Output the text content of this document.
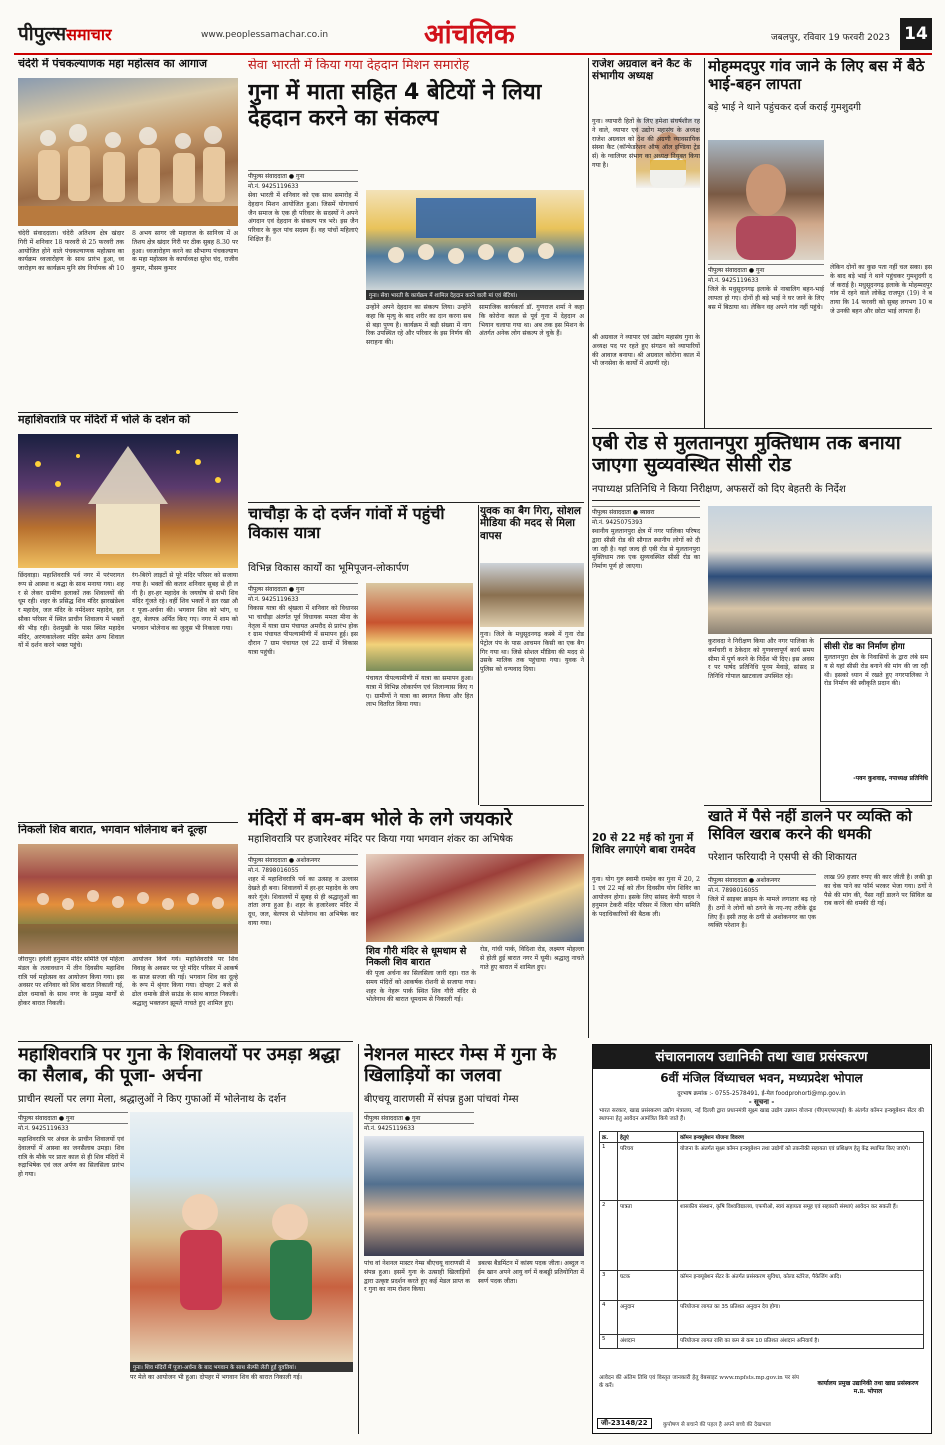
पीपुल्ससमाचार	www.peoplessamachar.co.in	आंचलिक	जबलपुर, रविवार 19 फरवरी 2023 14
चंदेरी में पंचकल्याणक महा महोत्सव का आगाज
चंदेरी संवाददाता। चंदेरी अतिशय क्षेत्र खंदार गिरी में शनिवार 18 फरवरी से 25 फरवरी तक आयोजित होने वाले पंचकल्याणक महोत्सव का कार्यक्रम ध्वजारोहण के साथ प्रारंभ हुआ, ध्वजारोहण का कार्यक्रम मुनि संघ निर्यापक श्री 108 अभय सागर जी महाराज के सानिध्य में अतिशय क्षेत्र खंदार गिरी पर ठीक सुबह 8.30 पर हुआ। ध्वजारोहण करने का सौभाग्य पंचकल्याणक महा महोत्सव के कार्याध्यक्ष सुरेश चंद, राजीव कुमार, मौसम कुमार
महाशिवरात्रि पर मंदिरों में भोले के दर्शन को
छिंदवाड़ा। महाशिवरात्रि पर्व नगर में परंपरागत रूप से आस्था व श्रद्धा के साथ मनाया गया। शहर से लेकर ग्रामीण इलाकों तक शिवालयों की धूम रही। शहर के प्रसिद्ध शिव मंदिर झारखंडेश्वर महादेव, जल मंदिर के नर्मदेश्वर महादेव, हलसौका परिसर में स्थित प्राचीन शिवालय में भक्तों की भीड़ रही। देशमुखी के पास स्थित महादेव मंदिर, अरणकालेश्वर मंदिर समेत अन्य शिवालयों में दर्शन करने भक्त पहुंचे।
रंग-बिरंगे लाइटों से पूरे मंदिर परिसर को सजाया गया है। भक्तों की कतार शनिवार सुबह से ही लगी है। हर-हर महादेव के जयघोष से सभी शिव मंदिर गूंजते रहे। वहीं शिव भक्तों ने व्रत रखा और पूजा-अर्चना की। भगवान शिव को भांग, धतूरा, बेलपत्र अर्पित किए गए। नगर में शाम को भगवान भोलेनाथ का जुलूस भी निकाला गया।
निकली शिव बारात, भगवान भोलेनाथ बने दूल्हा
जीरापुर। हवेली हनुमान मंदिर समिति एवं महिला मंडल के तत्वावधान में तीन दिवसीय महाशिवरात्रि पर्व महोत्सव का आयोजन किया गया। इस अवसर पर शनिवार को शिव बारात निकाली गई, ढोल धमाकों के साथ नगर के प्रमुख मार्गों से होकर बारात निकली।
आयोजन किये गये। महाशिवरात्रि पर शिव विवाह के अवसर पर पूरे मंदिर परिसर में आकर्षक साज सज्जा की गई। भगवान शिव का दूल्हे के रूप में श्रृंगार किया गया। दोपहर 2 बजे से ढोल धमाके डीजे साउंड के साथ बारात निकली। श्रद्धालु भक्तजन झूमते नाचते हुए शामिल हुए।
सेवा भारती में किया गया देहदान मिशन समारोह
गुना में माता सहित 4 बेटियों ने लिया देहदान करने का संकल्प
पीपुल्स संवाददाता ● गुना
मो.नं. 9425119633
सेवा भारती में शनिवार को एक साथ समारोह में देहदान मिशन आयोजित हुआ। जिसमें योगाचार्य जैन समाज के एक ही परिवार के सदस्यों ने अपने अंगदान एवं देहदान के संकल्प पत्र भरे। इस जैन परिवार के कुल पांच सदस्य हैं। वह पांचों महिलाएं शिक्षित हैं।
गुना। सेवा भारती के कार्यक्रम में शामिल देहदान करने वाली मां एवं बेटियां।
उन्होंने अपने देहदान का संकल्प लिया। उन्होंने कहा कि मृत्यु के बाद शरीर का दान करना सबसे बड़ा पुण्य है। कार्यक्रम में बड़ी संख्या में नागरिक उपस्थित रहे और परिवार के इस निर्णय की सराहना की।
सामाजिक कार्यकर्ता डॉ. गुणराज शर्मा ने कहा कि कोरोना काल से पूर्व गुना में देहदान अभियान चलाया गया था। अब तक इस मिशन के अंतर्गत अनेक लोग संकल्प ले चुके हैं।
चाचौड़ा के दो दर्जन गांवों में पहुंची विकास यात्रा
विभिन्न विकास कार्यों का भूमिपूजन-लोकार्पण
पीपुल्स संवाददाता ● गुना
मो.नं. 9425119633
विकास यात्रा की श्रृंखला में शनिवार को विधानसभा चाचौड़ा अंतर्गत पूर्व विधायक ममता मीना के नेतृत्व में यात्रा ग्राम पंचायत अमरौद से प्रारंभ होकर ग्राम पंचायत पीपल्यामीणी में समापन हुई। इस दौरान 7 ग्राम पंचायत एवं 22 ग्रामों में विकास यात्रा पहुंची।
पंचायत पीपल्यामीणी में यात्रा का समापन हुआ। यात्रा में विभिन्न लोकार्पण एवं शिलान्यास किए गए। ग्रामीणों ने यात्रा का स्वागत किया और हितलाभ वितरित किया गया।
मंदिरों में बम-बम भोले के लगे जयकारे
महाशिवरात्रि पर हजारेश्वर मंदिर पर किया गया भगवान शंकर का अभिषेक
पीपुल्स संवाददाता ● अशोकनगर
मो.नं. 7898016055
शहर में महाशिवरात्रि पर्व का उत्साह व उल्लास देखते ही बना। शिवालयों में हर-हर महादेव के जयकारे गूंजे। शिवालयों में सुबह से ही श्रद्धालुओं का तांता लगा हुआ है। शहर के हजारेश्वर मंदिर में दूध, जल, बेलपत्र से भोलेनाथ का अभिषेक करवाया गया।
शिव गौरी मंदिर से धूमधाम से निकली शिव बारात
की पूजा अर्चना का सिलसिला जारी रहा। रात के समय मंदिरों को आकर्षक रोशनी से सजाया गया। शहर के नेहरू पार्क स्थित शिव गौरी मंदिर से भोलेनाथ की बारात धूमधाम से निकाली गई।
रोड, गांधी पार्क, विदिशा रोड, लक्ष्मण मोहल्ला से होती हुई बारात नगर में घूमी। श्रद्धालु नाचते गाते हुए बारात में शामिल हुए।
महाशिवरात्रि पर गुना के शिवालयों पर उमड़ा श्रद्धा का सैलाब, की पूजा- अर्चना
प्राचीन स्थलों पर लगा मेला, श्रद्धालुओं ने किए गुफाओं में भोलेनाथ के दर्शन
पीपुल्स संवाददाता ● गुना
मो.नं. 9425119633
महाशिवरात्रि पर अंचल के प्राचीन शिवालयों एवं देवालयों में आस्था का जनसैलाब उमड़ा। शिवरात्रि के मौके पर प्रातः काल से ही शिव मंदिरों में रुद्राभिषेक एवं जल अर्पण का सिलसिला प्रारंभ हो गया।
गुना। शिव मंदिरों में पूजा-अर्चना के बाद भगवान के साथ सेल्फी लेती हुई युवतियां।
पर मेले का आयोजन भी हुआ। दोपहर में भगवान शिव की बारात निकाली गई।
नेशनल मास्टर गेम्स में गुना के खिलाड़ियों का जलवा
बीएचयू वाराणसी में संपन्न हुआ पांचवां गेम्स
पीपुल्स संवाददाता ● गुना
मो.नं. 9425119633
पांच वां नेशनल मास्टर गेम्स बीएचयू वाराणसी में संपन्न हुआ। इसमें गुना के उत्साही खिलाड़ियों द्वारा उत्कृष्ट प्रदर्शन करते हुए कई मेडल प्राप्त कर गुना का नाम रोशन किया।
डबल्स बैडमिंटन में कांस्य पदक जीता। अब्दुल नईम खान अपने आयु वर्ग में कबड्डी प्रतियोगिता में स्वर्ण पदक जीता।
राजेश अग्रवाल बने कैट के संभागीय अध्यक्ष
गुना। व्यापारी हितों के लिए हमेशा संघर्षशील रहने वाले, व्यापार एवं उद्योग महासंघ के अध्यक्ष राजेश अग्रवाल को देश की अग्रणी व्यावसायिक संस्था कैट (कॉन्फेडरेशन ऑफ ऑल इण्डिया ट्रेडर्स) के ग्वालियर संभाग का अध्यक्ष नियुक्त किया गया है।
श्री अग्रवाल ने व्यापार एवं उद्योग महासंघ गुना के अध्यक्ष पद पर रहते हुए संगठन को व्यापारियों की आवाज बनाया। श्री अग्रवाल कोरोना काल में भी जनसेवा के कार्यों में अग्रणी रहे।
युवक का बैग गिरा, सोशल मीडिया की मदद से मिला वापस
गुना। जिले के मधुसूदनगढ़ कस्बे में गुना रोड पेट्रोल पंप के पास आचमन किसी का एक बैग गिर गया था। जिसे सोशल मीडिया की मदद से उसके मालिक तक पहुंचाया गया। युवक ने पुलिस को धन्यवाद दिया।
20 से 22 मई को गुना में शिविर लगाएंगे बाबा रामदेव
गुना। योग गुरु स्वामी रामदेव का गुना में 20, 21 एवं 22 मई को तीन दिवसीय योग शिविर का आयोजन होगा। इसके लिए सांसद केपी यादव ने हनुमान टेकरी मंदिर परिसर में जिला योग समिति के पदाधिकारियों की बैठक ली।
मोहम्मदपुर गांव जाने के लिए बस में बैठे भाई-बहन लापता
बड़े भाई ने थाने पहुंचकर दर्ज कराई गुमशुदगी
पीपुल्स संवाददाता ● गुना
मो.नं. 9425119633
जिले के मधुसूदनगढ़ इलाके से नाबालिग बहन-भाई लापता हो गए। दोनों ही बड़े भाई ने घर जाने के लिए बस में बिठाया था। लेकिन वह अपने गांव नहीं पहुंचे।
लेकिन दोनों का कुछ पता नहीं चल सका। इसके बाद बड़े भाई ने थाने पहुंचकर गुमशुदगी दर्ज कराई है। मधुसूदनगढ़ इलाके के मोहम्मदपुर गांव में रहने वाले लोकेंद्र राजपूत (19) ने बताया कि 14 फरवरी को सुबह लगभग 10 बजे उनकी बहन और छोटा भाई लापता हैं।
एबी रोड से मुलतानपुरा मुक्तिधाम तक बनाया जाएगा सुव्यवस्थित सीसी रोड
नपाध्यक्ष प्रतिनिधि ने किया निरीक्षण, अफसरों को दिए बेहतरी के निर्देश
पीपुल्स संवाददाता ● ब्यावरा
मो.नं. 9425075393
स्थानीय मुलतानपुरा क्षेत्र में नगर पालिका परिषद द्वारा सीसी रोड की सौगात स्थानीय लोगों को दी जा रही है। यहां जल्द ही एबी रोड से मुलतानपुरा मुक्तिधाम तक एक सुव्यवस्थित सीसी रोड का निर्माण पूर्ण हो जाएगा।
कुरावदा ने निरीक्षण किया और नगर पालिका के कर्मचारी व ठेकेदार को गुणवत्तापूर्ण कार्य समय सीमा में पूर्ण करने के निर्देश भी दिए। इस अवसर पर पार्षद प्रतिनिधि पूनम मेवाड़े, सांसद प्रतिनिधि गोपाल खाटवाला उपस्थित रहे।
सीसी रोड का निर्माण होगा
मुलतानपुरा क्षेत्र के निवासियों के द्वारा लंबे समय से यहां सीसी रोड बनाने की मांग की जा रही थी। इसको ध्यान में रखते हुए नगरपालिका ने रोड निर्माण की स्वीकृति प्रदान की।
-पवन कुशवाह, नपाध्यक्ष प्रतिनिधि
खाते में पैसे नहीं डालने पर व्यक्ति को सिविल खराब करने की धमकी
परेशान फरियादी ने एसपी से की शिकायत
पीपुल्स संवाददाता ● अशोकनगर
मो.नं. 7898016055
जिले में साइबर क्राइम के मामले लगातार बढ़ रहे हैं। ठगों ने लोगों को ठगने के नए-नए तरीके ढूंढ लिए हैं। इसी तरह के ठगी से अशोकनगर का एक व्यक्ति परेशान है।
लाख 99 हजार रुपए की कार जीती है। लकी ड्रा का चेक पाने का फॉर्म भरकर भेजा गया। ठगों ने पैसे की मांग की, पैसा नहीं डालने पर सिविल खराब करने की धमकी दी गई।
संचालनालय उद्यानिकी तथा खाद्य प्रसंस्करण
6वीं मंजिल विंध्याचल भवन, मध्यप्रदेश भोपाल
दूरभाष क्रमांक :- 0755-2578491, ई-मेल foodprohorti@mp.gov.in
- सूचना -
भारत सरकार, खाद्य प्रसंस्करण उद्योग मंत्रालय, नई दिल्ली द्वारा प्रधानमंत्री सूक्ष्म खाद्य उद्योग उन्नयन योजना (पीएमएफएमई) के अंतर्गत कॉमन इन्क्यूबेशन सेंटर की स्थापना हेतु आवेदन आमंत्रित किये जाते हैं।
क्र.	हेतुएं	कॉमन इन्क्यूबेशन योजना विवरण
1	परिचय	योजना के अंतर्गत सूक्ष्म कॉमन इन्क्यूबेशन तथा उद्योगों को तकनीकी सहायता एवं प्रशिक्षण हेतु केंद्र स्थापित किए जाएंगे।
2	पात्रता	शासकीय संस्थान, कृषि विश्वविद्यालय, एफपीओ, स्वयं सहायता समूह एवं सहकारी संस्थाएं आवेदन कर सकती हैं।
3	घटक	कॉमन इन्क्यूबेशन सेंटर के अंतर्गत प्रसंस्करण सुविधा, कोल्ड स्टोरेज, पैकेजिंग आदि।
4	अनुदान	परियोजना लागत का 35 प्रतिशत अनुदान देय होगा।
5	अंशदान	परियोजना लागत राशि का कम से कम 10 प्रतिशत अंशदान अनिवार्य है।
आवेदन की अंतिम तिथि एवं विस्तृत जानकारी हेतु वेबसाइट www.mpfsts.mp.gov.in पर संपर्क करें।	कार्यालय प्रमुख उद्यानिकी तथा खाद्य प्रसंस्करण म.प्र. भोपाल
जी-23148/22	कुपोषण से बचाने की पहल है अपने बच्चे की देखभाल
